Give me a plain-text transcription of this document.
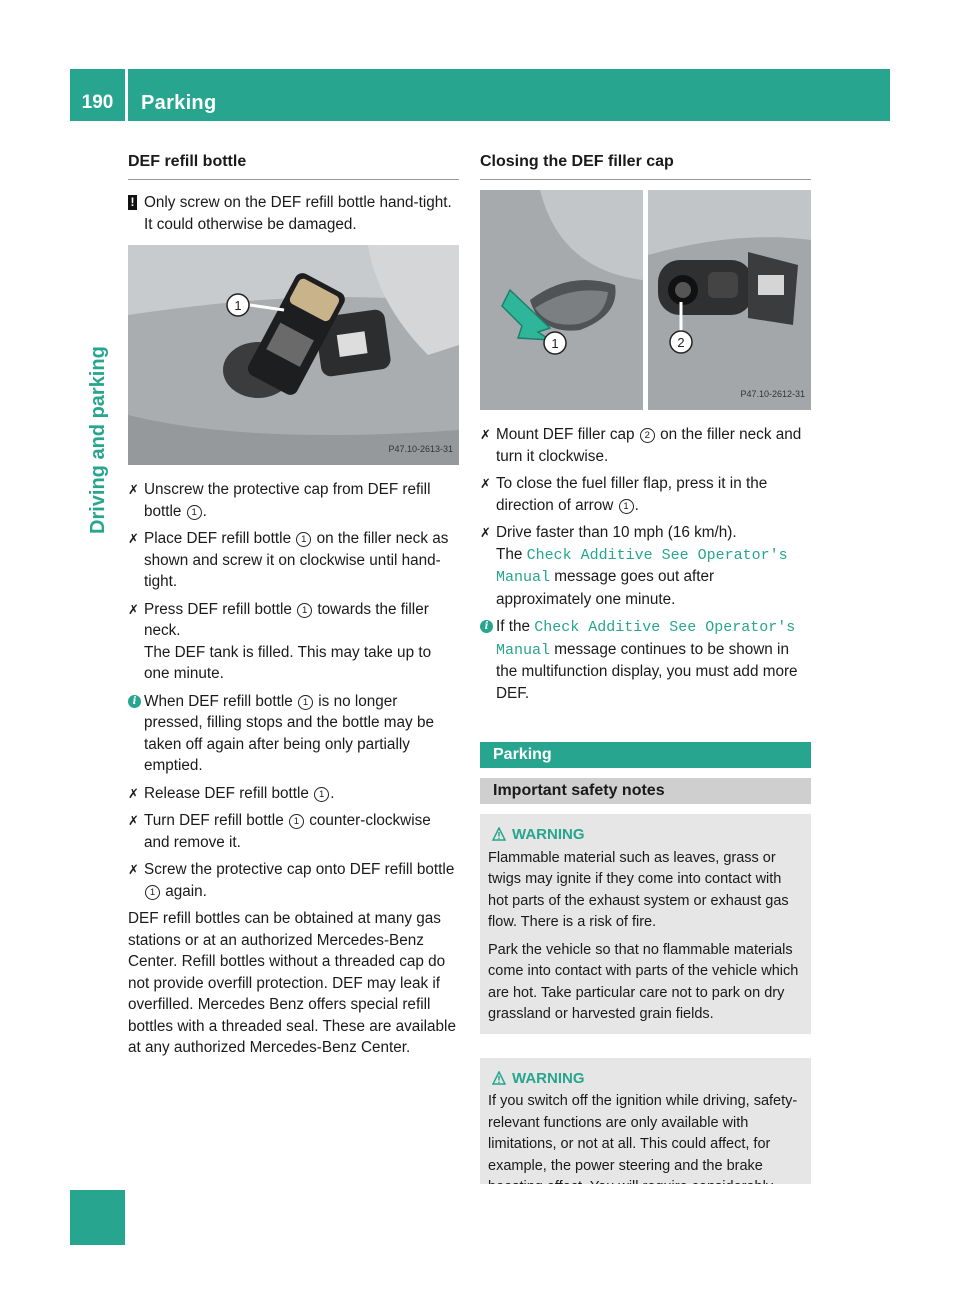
190	Parking
Driving and parking
DEF refill bottle
! Only screw on the DEF refill bottle hand-tight. It could otherwise be damaged.
1
P47.10-2613-31
✗ Unscrew the protective cap from DEF refill bottle 1 .
✗ Place DEF refill bottle 1 on the filler neck as shown and screw it on clockwise until hand-tight.
✗ Press DEF refill bottle 1 towards the filler neck.

The DEF tank is filled. This may take up to one minute.

i When DEF refill bottle 1 is no longer pressed, filling stops and the bottle may be taken off again after being only partially emptied.
✗ Release DEF refill bottle 1 .
✗ Turn DEF refill bottle 1 counter-clockwise and remove it.
✗ Screw the protective cap onto DEF refill bottle 1 again.

DEF refill bottles can be obtained at many gas stations or at an authorized Mercedes-Benz Center. Refill bottles without a threaded cap do not provide overfill protection. DEF may leak if overfilled. Mercedes Benz offers special refill bottles with a threaded seal. These are available at any authorized Mercedes-Benz Center.

Closing the DEF filler cap
1	2
P47.10-2612-31
✗ Mount DEF filler cap 2 on the filler neck and turn it clockwise.
✗ To close the fuel filler flap, press it in the direction of arrow 1 .
✗ Drive faster than 10 mph (16 km/h).
The Check Additive See Operator's Manual message goes out after approximately one minute.
i If the Check Additive See Operator's Manual message continues to be shown in the multifunction display, you must add more DEF.
Parking
Important safety notes
WARNING

Flammable material such as leaves, grass or twigs may ignite if they come into contact with hot parts of the exhaust system or exhaust gas flow. There is a risk of fire.

Park the vehicle so that no flammable materials come into contact with parts of the vehicle which are hot. Take particular care not to park on dry grassland or harvested grain fields.

WARNING

If you switch off the ignition while driving, safety-relevant functions are only available with limitations, or not at all. This could affect, for example, the power steering and the brake
